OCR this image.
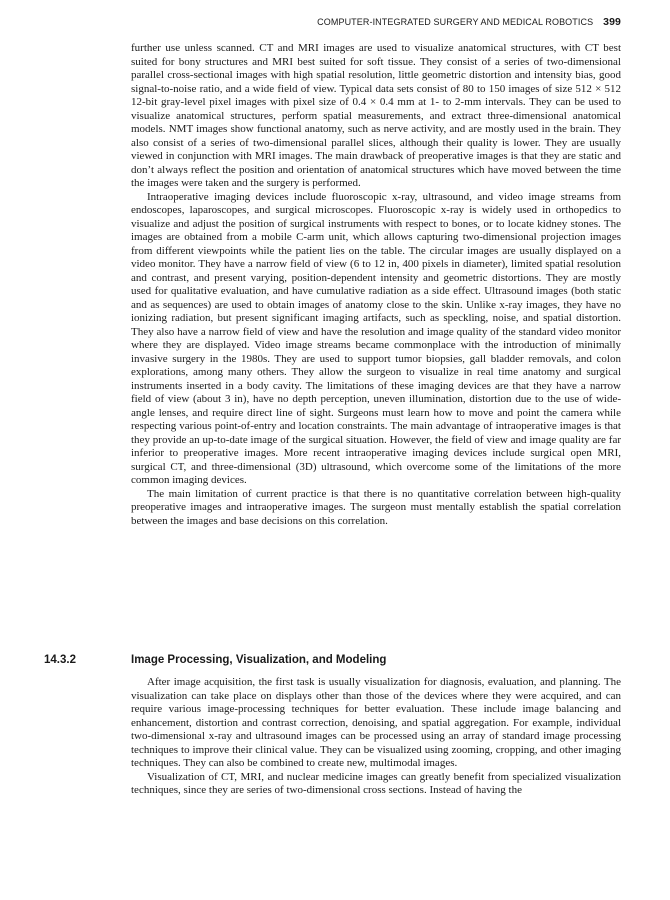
COMPUTER-INTEGRATED SURGERY AND MEDICAL ROBOTICS 399

further use unless scanned. CT and MRI images are used to visualize anatomical structures, with CT best suited for bony structures and MRI best suited for soft tissue. They consist of a series of two-dimensional parallel cross-sectional images with high spatial resolution, little geometric distortion and intensity bias, good signal-to-noise ratio, and a wide field of view. Typical data sets consist of 80 to 150 images of size 512 × 512 12-bit gray-level pixel images with pixel size of 0.4 × 0.4 mm at 1- to 2-mm intervals. They can be used to visualize anatomical structures, perform spatial measurements, and extract three-dimensional anatomical models. NMT images show functional anatomy, such as nerve activity, and are mostly used in the brain. They also consist of a series of two-dimensional parallel slices, although their quality is lower. They are usually viewed in conjunction with MRI images. The main drawback of preoperative images is that they are static and don’t always reflect the position and orientation of anatomical structures which have moved between the time the images were taken and the surgery is performed.

Intraoperative imaging devices include fluoroscopic x-ray, ultrasound, and video image streams from endoscopes, laparoscopes, and surgical microscopes. Fluoroscopic x-ray is widely used in orthopedics to visualize and adjust the position of surgical instruments with respect to bones, or to locate kidney stones. The images are obtained from a mobile C-arm unit, which allows capturing two-dimensional projection images from different viewpoints while the patient lies on the table. The circular images are usually displayed on a video monitor. They have a narrow field of view (6 to 12 in, 400 pixels in diameter), limited spatial resolution and contrast, and present varying, position-dependent intensity and geometric distortions. They are mostly used for qualitative evaluation, and have cumulative radiation as a side effect. Ultrasound images (both static and as sequences) are used to obtain images of anatomy close to the skin. Unlike x-ray images, they have no ionizing radiation, but present significant imaging artifacts, such as speckling, noise, and spatial distortion. They also have a narrow field of view and have the resolution and image quality of the standard video monitor where they are displayed. Video image streams became commonplace with the introduction of minimally invasive surgery in the 1980s. They are used to support tumor biopsies, gall bladder removals, and colon explorations, among many others. They allow the surgeon to visualize in real time anatomy and surgical instruments inserted in a body cavity. The limitations of these imaging devices are that they have a narrow field of view (about 3 in), have no depth perception, uneven illumination, distortion due to the use of wide-angle lenses, and require direct line of sight. Surgeons must learn how to move and point the camera while respecting various point-of-entry and location constraints. The main advantage of intraoperative images is that they provide an up-to-date image of the surgical situation. However, the field of view and image quality are far inferior to preoperative images. More recent intraoperative imaging devices include surgical open MRI, surgical CT, and three-dimensional (3D) ultrasound, which overcome some of the limitations of the more common imaging devices.

The main limitation of current practice is that there is no quantitative correlation between high-quality preoperative images and intraoperative images. The surgeon must mentally establish the spatial correlation between the images and base decisions on this correlation.

14.3.2	Image Processing, Visualization, and Modeling

After image acquisition, the first task is usually visualization for diagnosis, evaluation, and planning. The visualization can take place on displays other than those of the devices where they were acquired, and can require various image-processing techniques for better evaluation. These include image balancing and enhancement, distortion and contrast correction, denoising, and spatial aggregation. For example, individual two-dimensional x-ray and ultrasound images can be processed using an array of standard image processing techniques to improve their clinical value. They can be visualized using zooming, cropping, and other imaging techniques. They can also be combined to create new, multimodal images.

Visualization of CT, MRI, and nuclear medicine images can greatly benefit from specialized visualization techniques, since they are series of two-dimensional cross sections. Instead of having the
